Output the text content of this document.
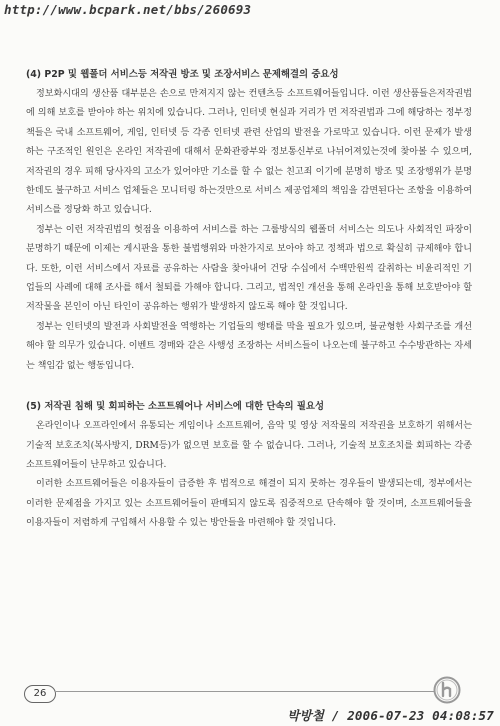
http://www.bcpark.net/bbs/260693
(4) P2P 및 웹폴더 서비스등 저작권 방조 및 조장서비스 문제해결의 중요성

정보화시대의 생산품 대부분은 손으로 만져지지 않는 컨텐츠등 소프트웨어들입니다. 이런 생산품들은저작권법에 의해 보호를 받아야 하는 위치에 있습니다. 그러나, 인터넷 현실과 거리가 먼 저작권법과 그에 해당하는 정부정책들은 국내 소프트웨어, 게임, 인터넷 등 각종 인터넷 관련 산업의 발전을 가로막고 있습니다. 이런 문제가 발생하는 구조적인 원인은 온라인 저작권에 대해서 문화관광부와 정보통신부로 나뉘어져있는것에 찾아볼 수 있으며, 저작권의 경우 피해 당사자의 고소가 있어야만 기소를 할 수 없는 친고죄 이기에 분명히 방조 및 조장행위가 분명한데도 불구하고 서비스 업체들은 모니터링 하는것만으로 서비스 제공업체의 책임을 감면된다는 조항을 이용하여 서비스를 정당화 하고 있습니다.

정부는 이런 저작권법의 헛점을 이용하여 서비스를 하는 그룹방식의 웹폴더 서비스는 의도나 사회적인 파장이 분명하기 때문에 이제는 게시판을 통한 불법행위와 마찬가지로 보아야 하고 정책과 법으로 확실히 규제해야 합니다. 또한, 이런 서비스에서 자료를 공유하는 사람을 찾아내어 건당 수십에서 수백만원씩 갈취하는 비윤리적인 기업들의 사례에 대해 조사를 해서 철퇴를 가해야 합니다. 그리고, 법적인 개선을 통해 온라인을 통해 보호받아야 할 저작물을 본인이 아닌 타인이 공유하는 행위가 발생하지 않도록 해야 할 것입니다.

정부는 인터넷의 발전과 사회발전을 역행하는 기업들의 행태를 막을 필요가 있으며, 불균형한 사회구조를 개선해야 할 의무가 있습니다. 이벤트 경매와 같은 사행성 조장하는 서비스들이 나오는데 불구하고 수수방관하는 자세는 책임감 없는 행동입니다.

(5) 저작권 침해 및 회피하는 소프트웨어나 서비스에 대한 단속의 필요성

온라인이나 오프라인에서 유통되는 게임이나 소프트웨어, 음악 및 영상 저작물의 저작권을 보호하기 위해서는 기술적 보호조치(복사방지, DRM등)가 없으면 보호를 할 수 없습니다. 그러나, 기술적 보호조치를 회피하는 각종 소프트웨어들이 난무하고 있습니다.

이러한 소프트웨어들은 이용자들이 급증한 후 법적으로 해결이 되지 못하는 경우들이 발생되는데, 정부에서는 이러한 문제점을 가지고 있는 소프트웨어들이 판매되지 않도록 집중적으로 단속해야 할 것이며, 소프트웨어들을 이용자들이 저렴하게 구입해서 사용할 수 있는 방안들을 마련해야 할 것입니다.

26
박방철 / 2006-07-23 04:08:57
